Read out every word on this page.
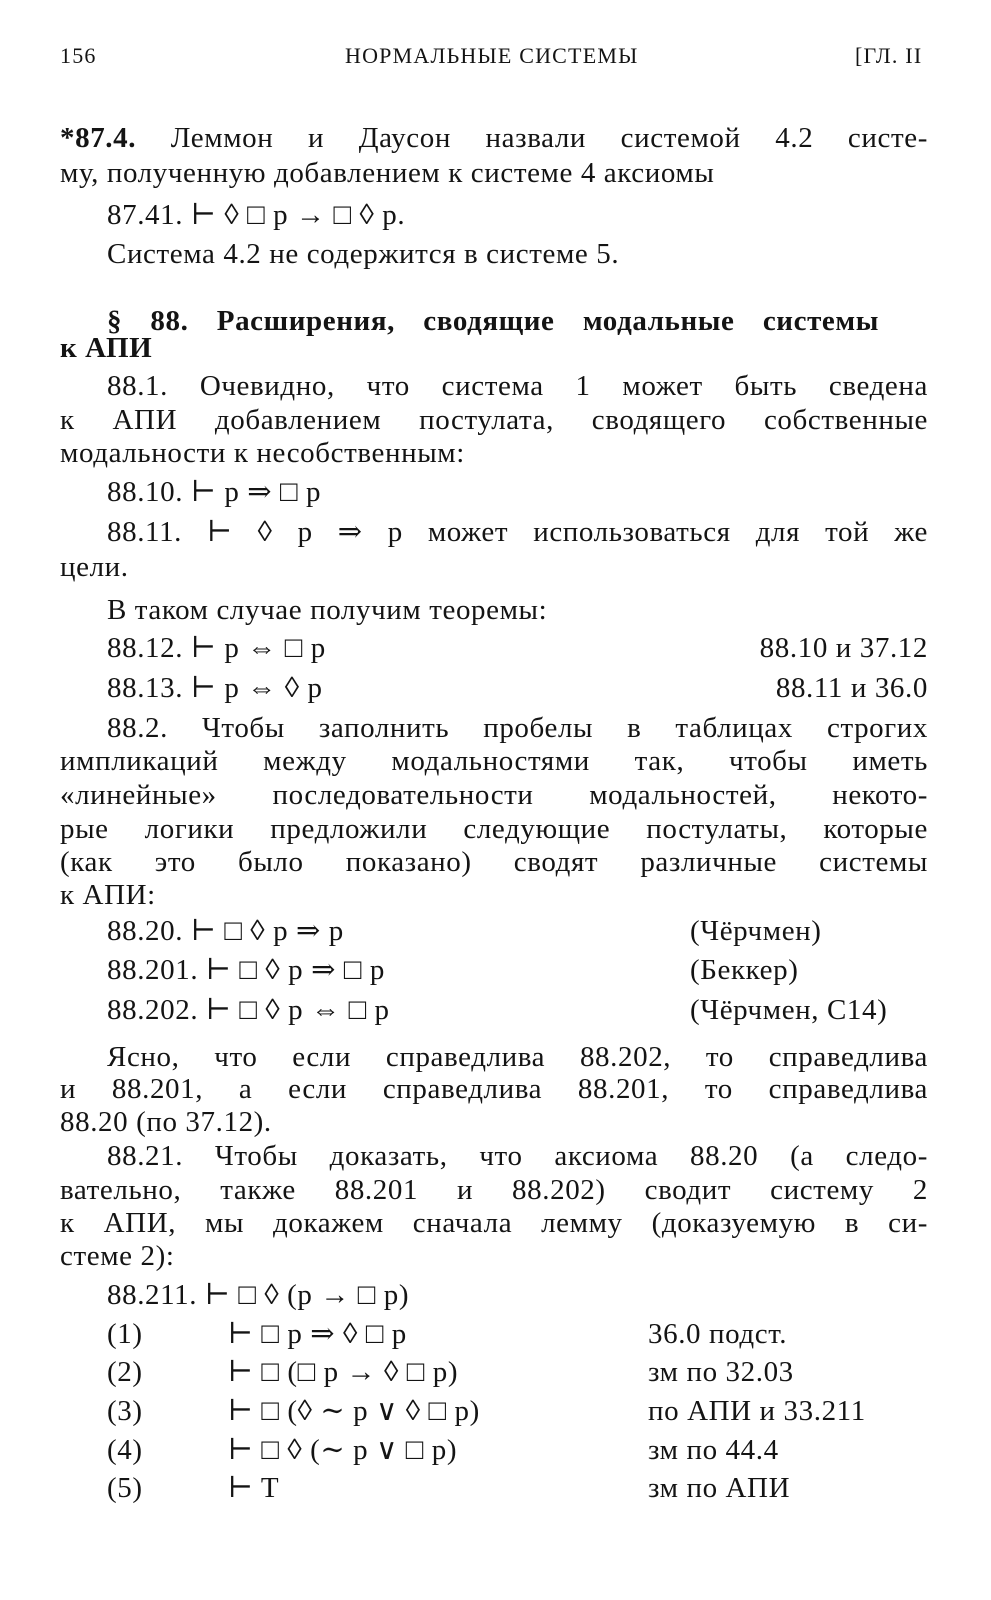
156	НОРМАЛЬНЫЕ СИСТЕМЫ	[ГЛ. II
*87.4. Леммон и Даусон назвали системой 4.2 систе-
му, полученную добавлением к системе 4 аксиомы
87.41. ⊢ ◊ □ p → □ ◊ p.
Система 4.2 не содержится в системе 5.
§ 88. Расширения, сводящие модальные системы
к АПИ
88.1. Очевидно, что система 1 может быть сведена
к АПИ добавлением постулата, сводящего собственные
модальности к несобственным:
88.10. ⊢ p ⇒ □ p
88.11. ⊢ ◊ p ⇒ p может использоваться для той же
цели.
В таком случае получим теоремы:
88.12. ⊢ p ⇔ □ p	88.10 и 37.12
88.13. ⊢ p ⇔ ◊ p	88.11 и 36.0
88.2. Чтобы заполнить пробелы в таблицах строгих
импликаций между модальностями так, чтобы иметь
«линейные» последовательности модальностей, некото-
рые логики предложили следующие постулаты, которые
(как это было показано) сводят различные системы
к АПИ:
88.20. ⊢ □ ◊ p ⇒ p	(Чёрчмен)
88.201. ⊢ □ ◊ p ⇒ □ p	(Беккер)
88.202. ⊢ □ ◊ p ⇔ □ p	(Чёрчмен, C14)
Ясно, что если справедлива 88.202, то справедлива
и 88.201, а если справедлива 88.201, то справедлива
88.20 (по 37.12).
88.21. Чтобы доказать, что аксиома 88.20 (а следо-
вательно, также 88.201 и 88.202) сводит систему 2
к АПИ, мы докажем сначала лемму (доказуемую в си-
стеме 2):
88.211. ⊢ □ ◊ (p → □ p)
(1)	⊢ □ p ⇒ ◊ □ p	36.0 подст.
(2)	⊢ □ (□ p → ◊ □ p)	зм по 32.03
(3)	⊢ □ (◊ ∼ p ∨ ◊ □ p)	по АПИ и 33.211
(4)	⊢ □ ◊ (∼ p ∨ □ p)	зм по 44.4
(5)	⊢ T	зм по АПИ
